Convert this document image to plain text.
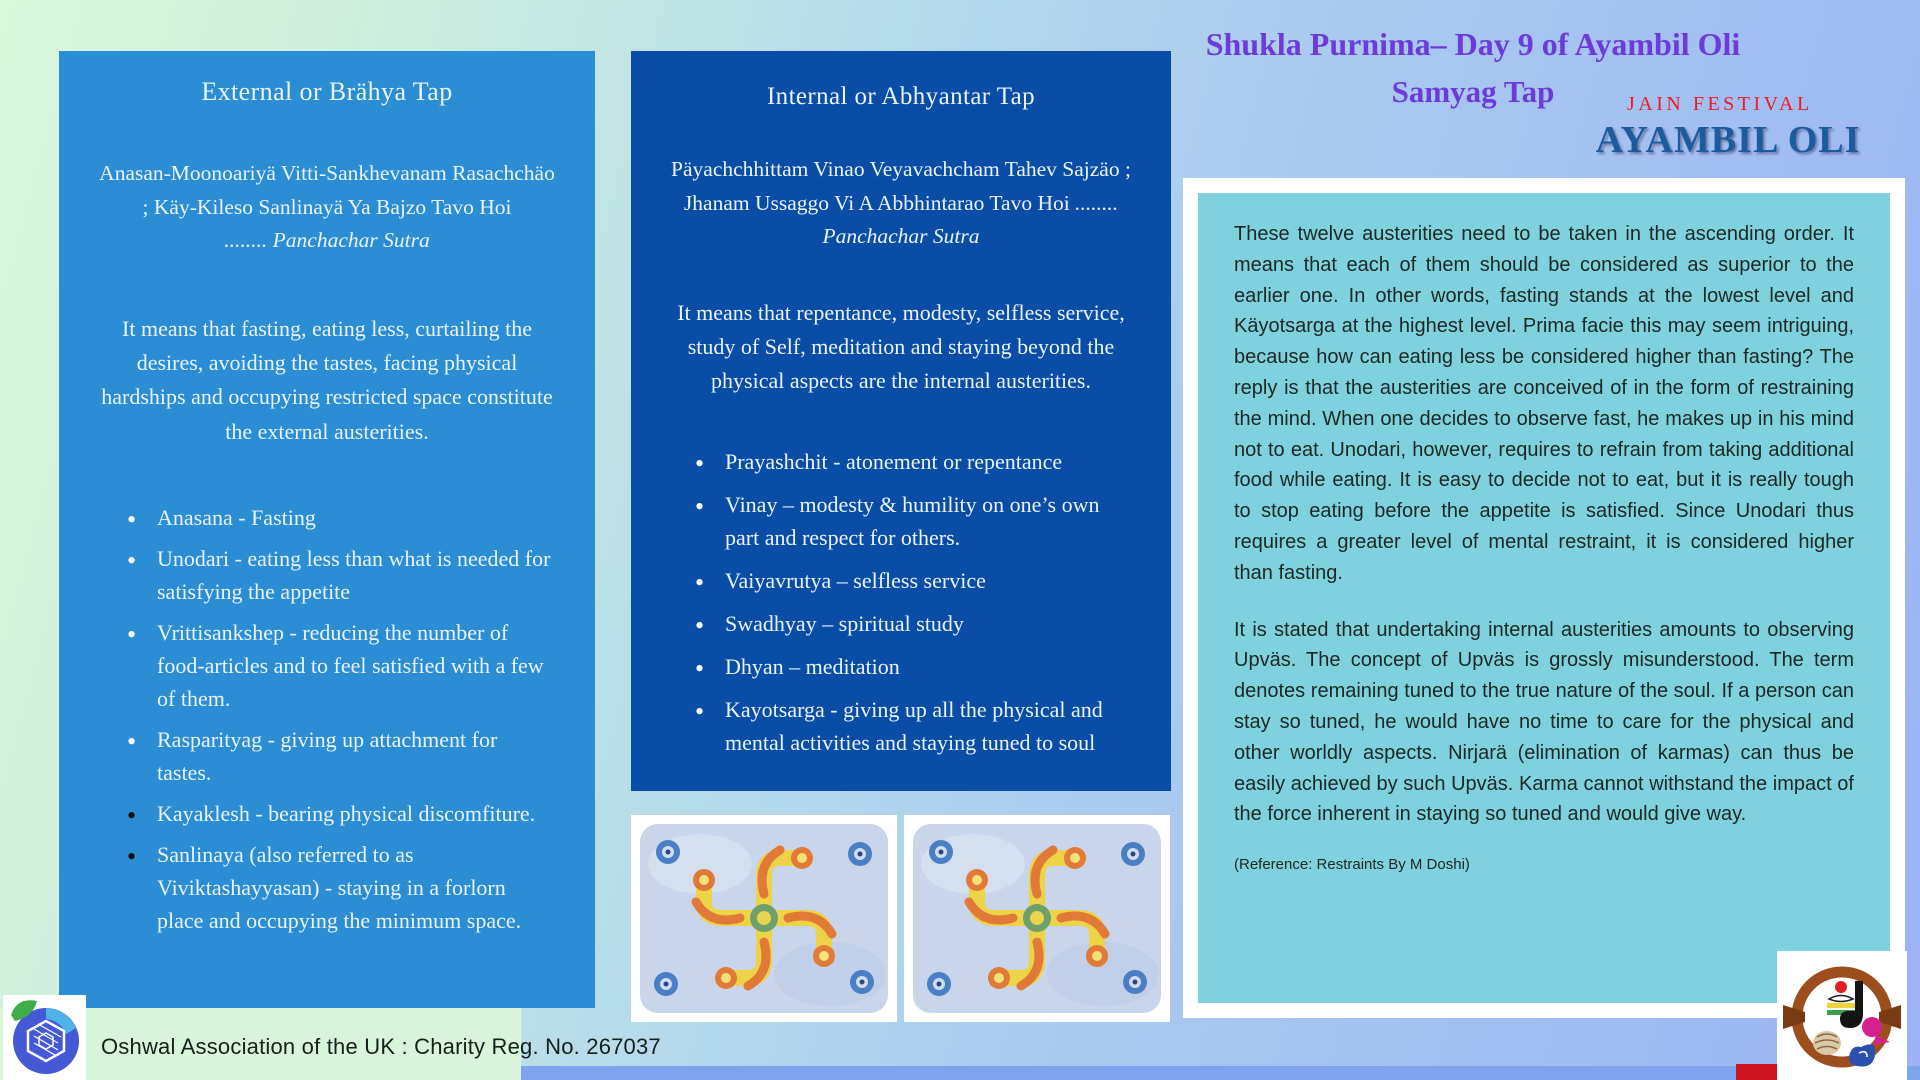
External or Brähya Tap

Anasan-Moonoariyä Vitti-Sankhevanam Rasachchäo ; Käy-Kileso Sanlinayä Ya Bajzo Tavo Hoi
........ Panchachar Sutra

It means that fasting, eating less, curtailing the desires, avoiding the tastes, facing physical hardships and occupying restricted space constitute the external austerities.

• Anasana - Fasting
• Unodari - eating less than what is needed for satisfying the appetite
• Vrittisankshep - reducing the number of food-articles and to feel satisfied with a few of them.
• Rasparityag - giving up attachment for tastes.
• Kayaklesh - bearing physical discomfiture.
• Sanlinaya (also referred to as Viviktashayyasan) - staying in a forlorn place and occupying the minimum space.
Internal or Abhyantar Tap

Päyachchhittam Vinao Veyavachcham Tahev Sajzäo ; Jhanam Ussaggo Vi A Abbhintarao Tavo Hoi ........ Panchachar Sutra

It means that repentance, modesty, selfless service, study of Self, meditation and staying beyond the physical aspects are the internal austerities.

• Prayashchit - atonement or repentance
• Vinay – modesty & humility on one’s own part and respect for others.
• Vaiyavrutya – selfless service
• Swadhyay – spiritual study
• Dhyan – meditation
• Kayotsarga - giving up all the physical and mental activities and staying tuned to soul
Shukla Purnima– Day 9 of Ayambil Oli
Samyag Tap	JAIN FESTIVAL
AYAMBIL OLI

These twelve austerities need to be taken in the ascending order. It means that each of them should be considered as superior to the earlier one. In other words, fasting stands at the lowest level and Käyotsarga at the highest level. Prima facie this may seem intriguing, because how can eating less be considered higher than fasting? The reply is that the austerities are conceived of in the form of restraining the mind. When one decides to observe fast, he makes up in his mind not to eat. Unodari, however, requires to refrain from taking additional food while eating. It is easy to decide not to eat, but it is really tough to stop eating before the appetite is satisfied. Since Unodari thus requires a greater level of mental restraint, it is considered higher than fasting.

It is stated that undertaking internal austerities amounts to observing Upväs. The concept of Upväs is grossly misunderstood. The term denotes remaining tuned to the true nature of the soul. If a person can stay so tuned, he would have no time to care for the physical and other worldly aspects. Nirjarä (elimination of karmas) can thus be easily achieved by such Upväs. Karma cannot withstand the impact of the force inherent in staying so tuned and would give way.

(Reference: Restraints By M Doshi)
Oshwal Association of the UK : Charity Reg. No. 267037
